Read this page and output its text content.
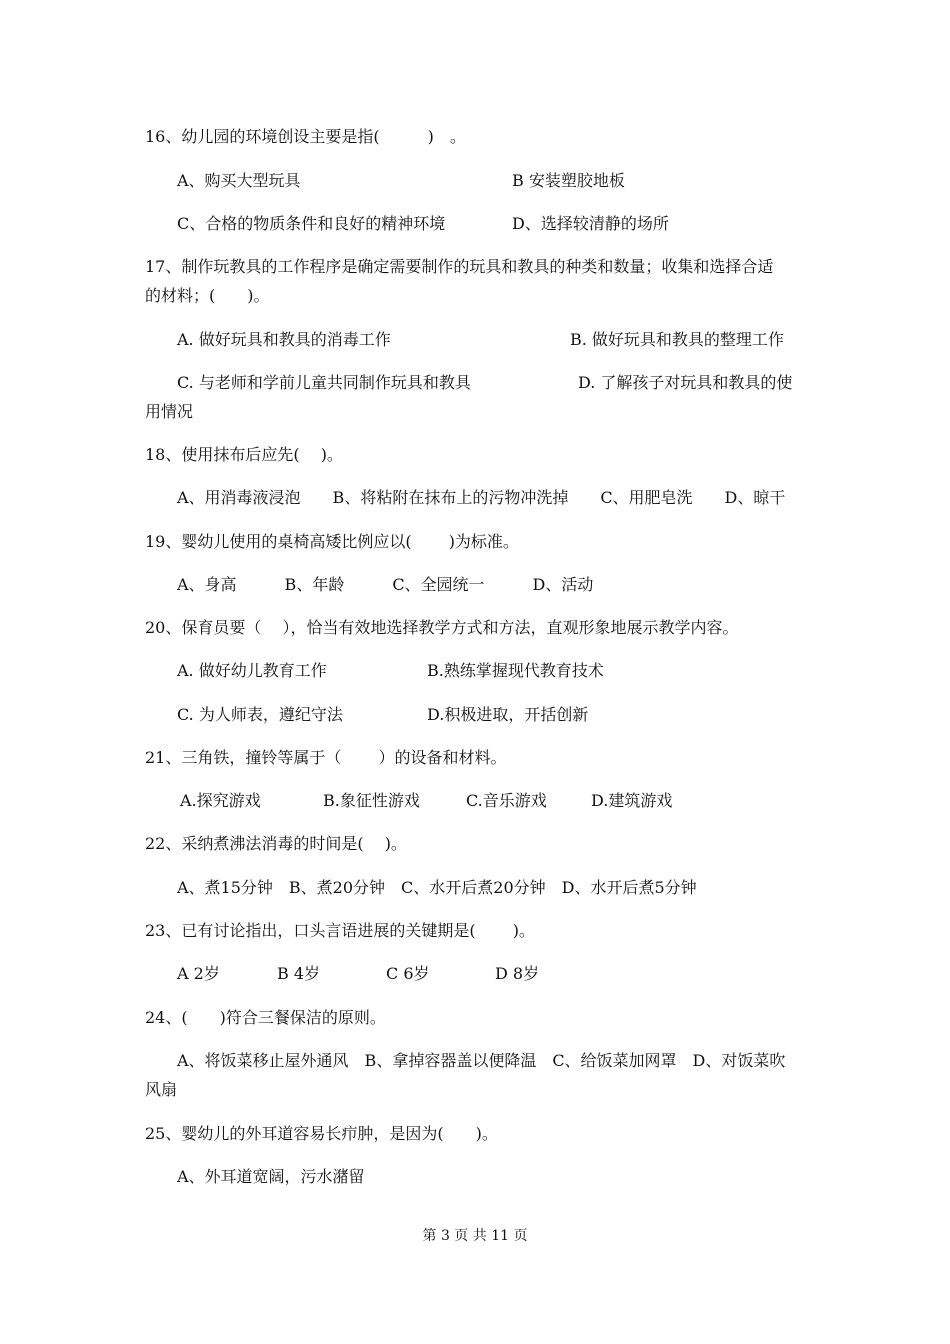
16、幼儿园的环境创设主要是指(　　　)　。
A、购买大型玩具	B 安装塑胶地板
C、合格的物质条件和良好的精神环境	D、选择较清静的场所
17、制作玩教具的工作程序是确定需要制作的玩具和教具的种类和数量；收集和选择合适
的材料；(　　)。
A. 做好玩具和教具的消毒工作	B. 做好玩具和教具的整理工作
C. 与老师和学前儿童共同制作玩具和教具	D. 了解孩子对玩具和教具的使
用情况
18、使用抹布后应先(　 )。
A、用消毒液浸泡　　B、将粘附在抹布上的污物冲洗掉　　C、用肥皂洗　　D、晾干
19、婴幼儿使用的桌椅高矮比例应以(　　 )为标准。
A、身高　　　B、年龄　　　C、全园统一　　　D、活动
20、保育员要（　 ），恰当有效地选择教学方式和方法，直观形象地展示教学内容。
A. 做好幼儿教育工作	B.熟练掌握现代教育技术
C. 为人师表，遵纪守法	D.积极进取，开括创新
21、三角铁，撞铃等属于（　　 ）的设备和材料。
A.探究游戏	B.象征性游戏	C.音乐游戏	D.建筑游戏
22、采纳煮沸法消毒的时间是(　 )。
A、煮15分钟　B、煮20分钟　C、水开后煮20分钟　D、水开后煮5分钟
23、已有讨论指出，口头言语进展的关键期是(　　 )。
A 2岁	B 4岁	C 6岁	D 8岁
24、(　　)符合三餐保洁的原则。
A、将饭菜移止屋外通风　B、拿掉容器盖以便降温　C、给饭菜加网罩　D、对饭菜吹
风扇
25、婴幼儿的外耳道容易长疖肿，是因为(　　)。
A、外耳道宽阔，污水潴留
第 3 页 共 11 页
